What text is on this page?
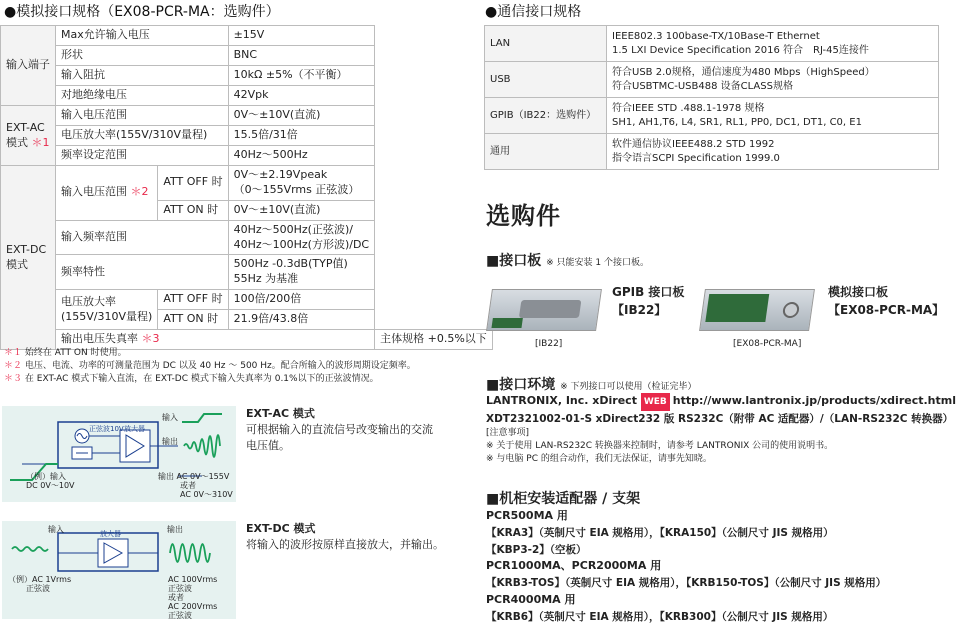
●模拟接口规格（EX08-PCR-MA：选购件）
输入端子	Max允许输入电压		±15V	
	形状		BNC	
	输入阻抗		10kΩ ±5%（不平衡）	
	对地绝缘电压		42Vpk	
EXT-AC
模式 ＊1	输入电压范围		0V～±10V(直流)	
	电压放大率(155V/310V量程)		15.5倍/31倍	
	频率设定范围		40Hz～500Hz	
EXT-DC
模式	输入电压范围 ＊2	ATT OFF 时	0V～±2.19Vpeak
（0～155Vrms 正弦波）	
		ATT ON 时	0V～±10V(直流)	
	输入频率范围		40Hz～500Hz(正弦波)/
40Hz～100Hz(方形波)/DC	
	频率特性		500Hz -0.3dB(TYP值)
55Hz 为基准	
	电压放大率
(155V/310V量程)	ATT OFF 时	100倍/200倍	
		ATT ON 时	21.9倍/43.8倍	
	输出电压失真率 ＊3			主体规格 +0.5%以下
＊１ 始终在 ATT ON 时使用。
＊２ 电压、电流、功率的可测量范围为 DC 以及 40 Hz ～ 500 Hz。配合所输入的波形周期设定频率。
＊３ 在 EXT-AC 模式下输入直流，在 EXT-DC 模式下输入失真率为 0.1%以下的正弦波情况。
正弦波10V 放大器
输入
输出
（例）输入
DC 0V～10V
输出 AC 0V～155V
或者
AC 0V～310V
EXT-AC 模式
可根据输入的直流信号改变输出的交流
电压值。
放大器
输入	输出
（例）AC 1Vrms
正弦波
AC 100Vrms
正弦波
或者
AC 200Vrms
正弦波
EXT-DC 模式
将输入的波形按原样直接放大，并输出。
●通信接口规格
LAN	IEEE802.3 100base-TX/10Base-T Ethernet
1.5 LXI Device Specification 2016 符合　RJ-45连接件
USB	符合USB 2.0规格，通信速度为480 Mbps（HighSpeed）
符合USBTMC-USB488 设备CLASS规格
GPIB（IB22：选购件）	符合IEEE STD .488.1-1978 规格
SH1, AH1,T6, L4, SR1, RL1, PP0, DC1, DT1, C0, E1
通用	软件通信协议IEEE488.2 STD 1992
指令语言SCPI Specification 1999.0
选购件
■接口板 ※ 只能安装 1 个接口板。
[IB22]
GPIB 接口板
【IB22】
[EX08-PCR-MA]
模拟接口板
【EX08-PCR-MA】
■接口环境 ※ 下列接口可以使用（检证完毕）
LANTRONIX, Inc. xDirect WEB http://www.lantronix.jp/products/xdirect.html
XDT2321002-01-S xDirect232 版 RS232C（附带 AC 适配器）/（LAN-RS232C 转换器）
[注意事项]
※ 关于使用 LAN-RS232C 转换器来控制时，请参考 LANTRONIX 公司的使用说明书。
※ 与电脑 PC 的组合动作，我们无法保证，请事先知晓。
■机柜安装适配器 / 支架
PCR500MA 用
【KRA3】（英制尺寸 EIA 规格用），【KRA150】（公制尺寸 JIS 规格用）
【KBP3-2】（空板）
PCR1000MA、PCR2000MA 用
【KRB3-TOS】（英制尺寸 EIA 规格用），【KRB150-TOS】（公制尺寸 JIS 规格用）
PCR4000MA 用
【KRB6】（英制尺寸 EIA 规格用），【KRB300】（公制尺寸 JIS 规格用）
